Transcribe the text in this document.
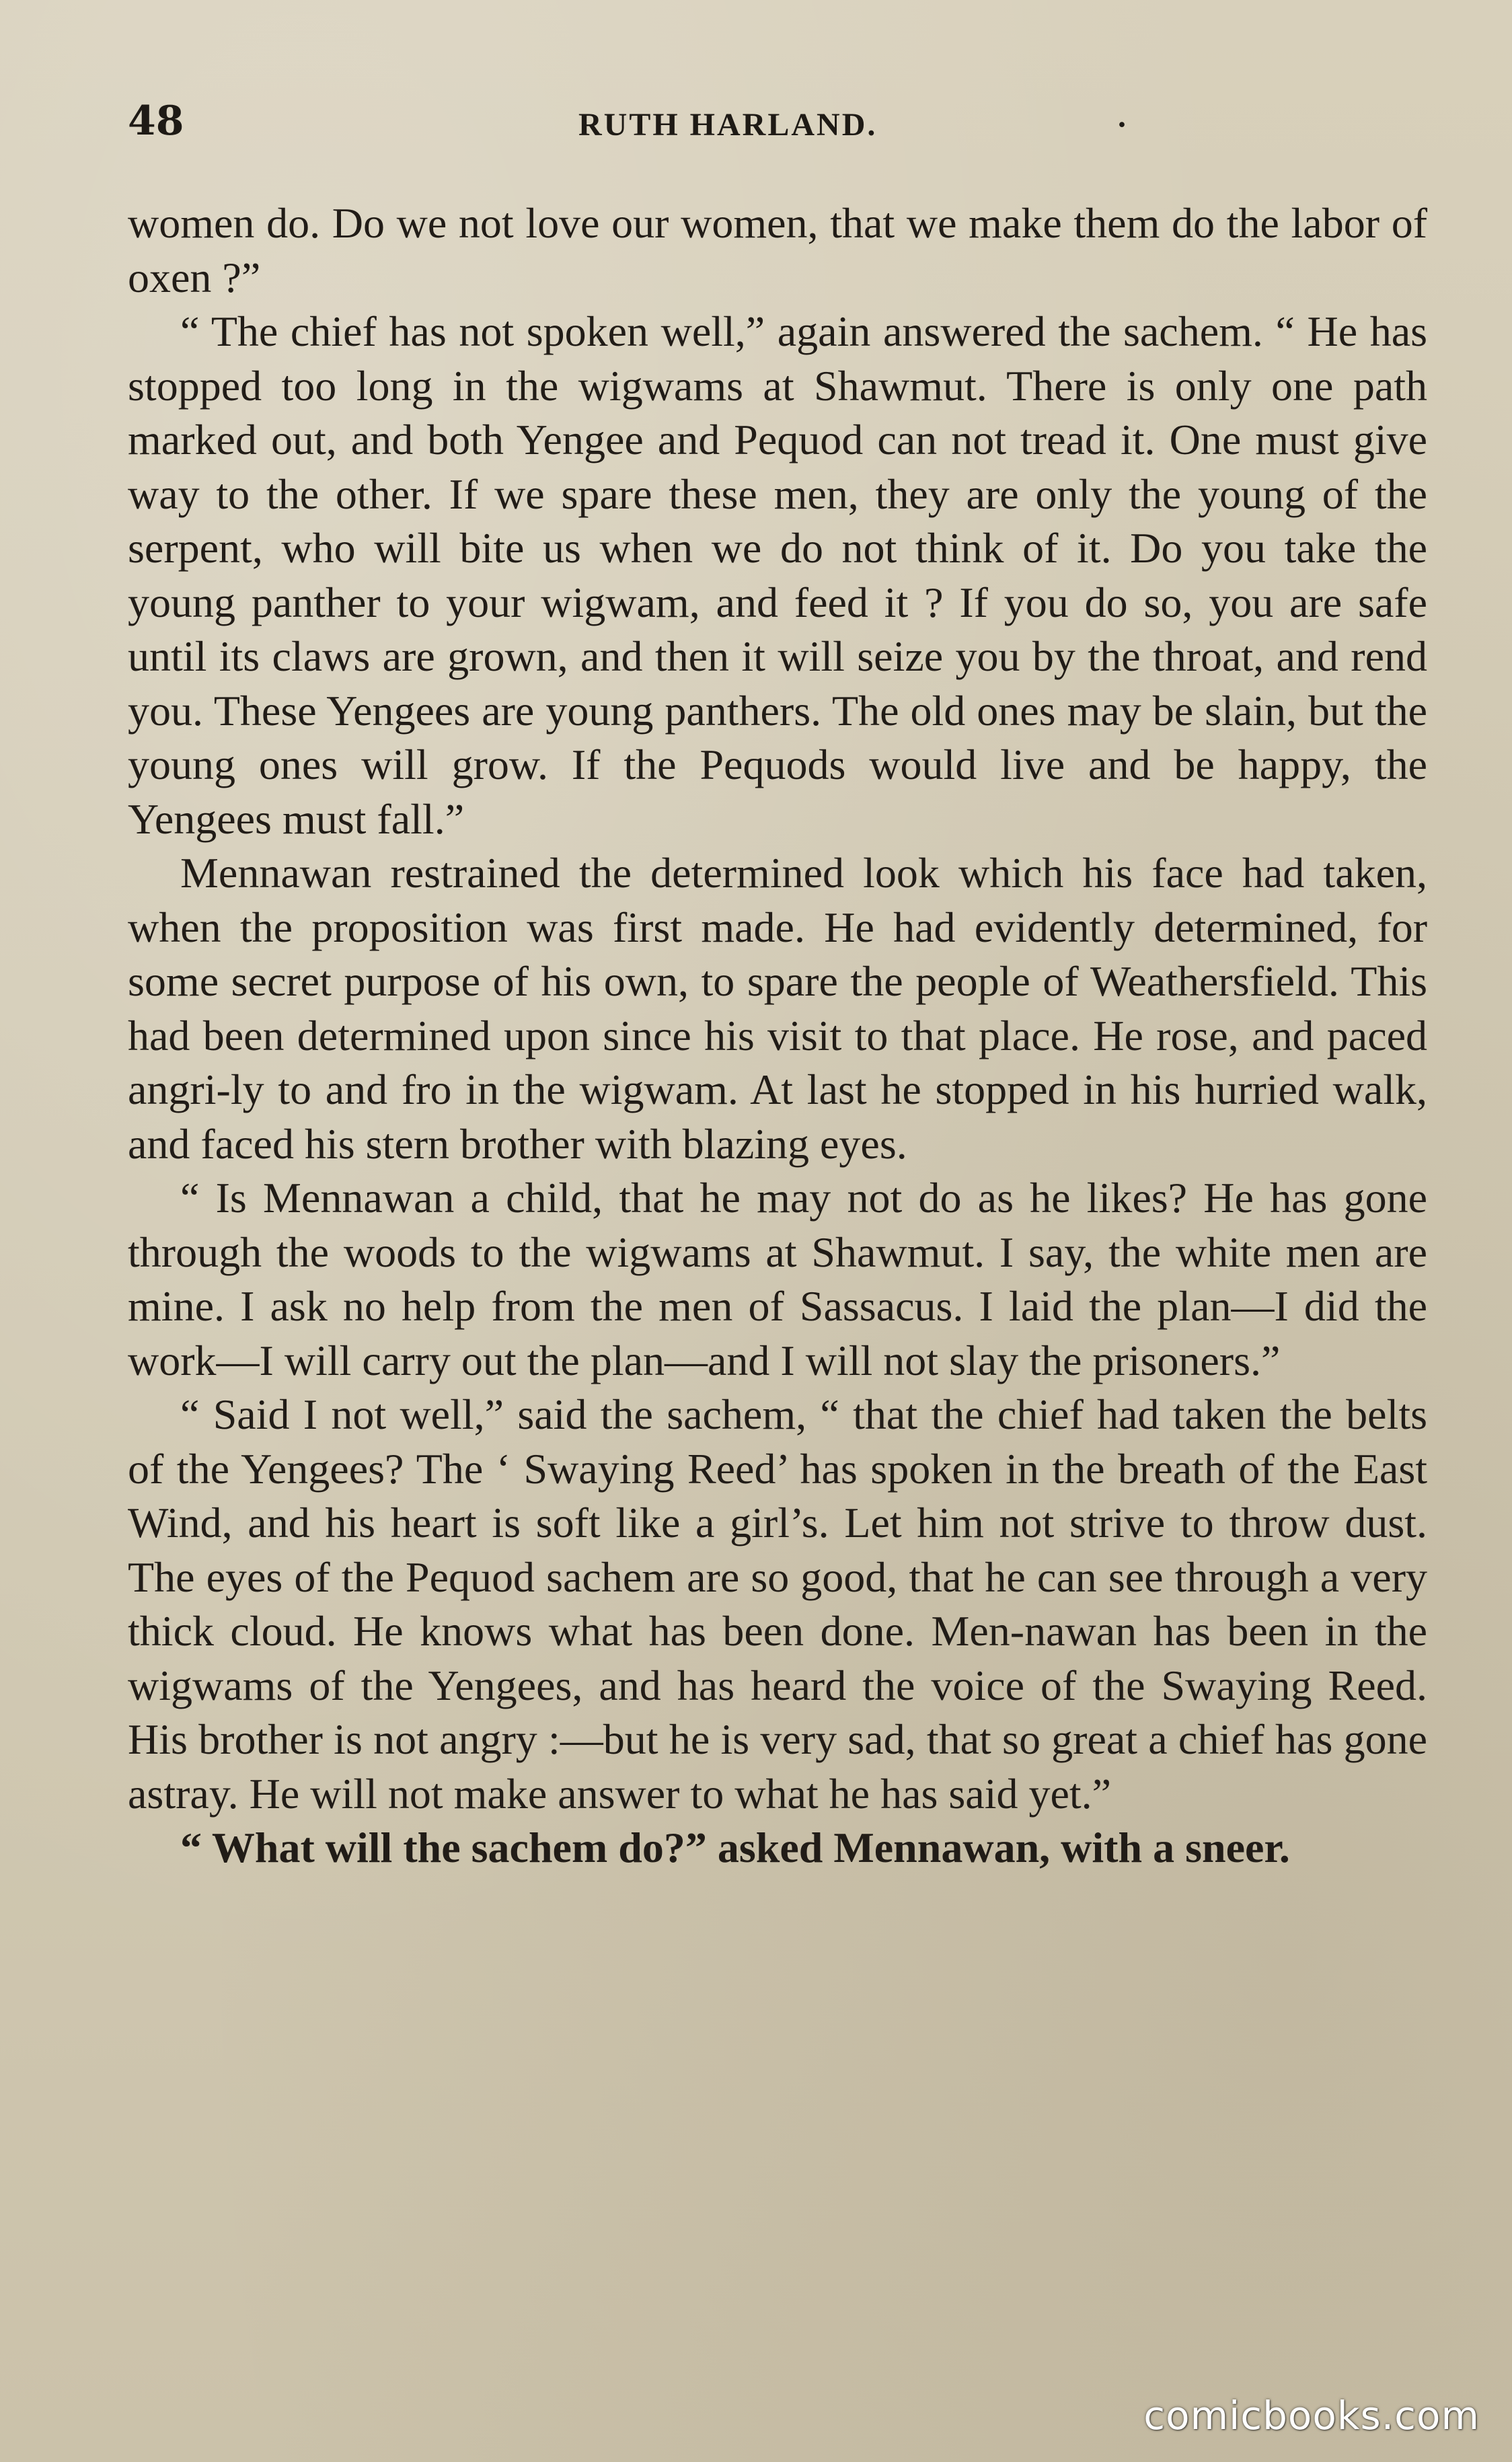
48	RUTH HARLAND.	·

women do. Do we not love our women, that we make them do the labor of oxen ?”

“ The chief has not spoken well,” again answered the sachem. “ He has stopped too long in the wigwams at Shawmut. There is only one path marked out, and both Yengee and Pequod can not tread it. One must give way to the other. If we spare these men, they are only the young of the serpent, who will bite us when we do not think of it. Do you take the young panther to your wigwam, and feed it ? If you do so, you are safe until its claws are grown, and then it will seize you by the throat, and rend you. These Yengees are young panthers. The old ones may be slain, but the young ones will grow. If the Pequods would live and be happy, the Yengees must fall.”

Mennawan restrained the determined look which his face had taken, when the proposition was first made. He had evidently determined, for some secret purpose of his own, to spare the people of Weathersfield. This had been determined upon since his visit to that place. He rose, and paced angri-ly to and fro in the wigwam. At last he stopped in his hurried walk, and faced his stern brother with blazing eyes.

“ Is Mennawan a child, that he may not do as he likes? He has gone through the woods to the wigwams at Shawmut. I say, the white men are mine. I ask no help from the men of Sassacus. I laid the plan—I did the work—I will carry out the plan—and I will not slay the prisoners.”

“ Said I not well,” said the sachem, “ that the chief had taken the belts of the Yengees? The ‘ Swaying Reed’ has spoken in the breath of the East Wind, and his heart is soft like a girl’s. Let him not strive to throw dust. The eyes of the Pequod sachem are so good, that he can see through a very thick cloud. He knows what has been done. Men-nawan has been in the wigwams of the Yengees, and has heard the voice of the Swaying Reed. His brother is not angry :—but he is very sad, that so great a chief has gone astray. He will not make answer to what he has said yet.”

“ What will the sachem do?” asked Mennawan, with a sneer.

comicbooks.com
